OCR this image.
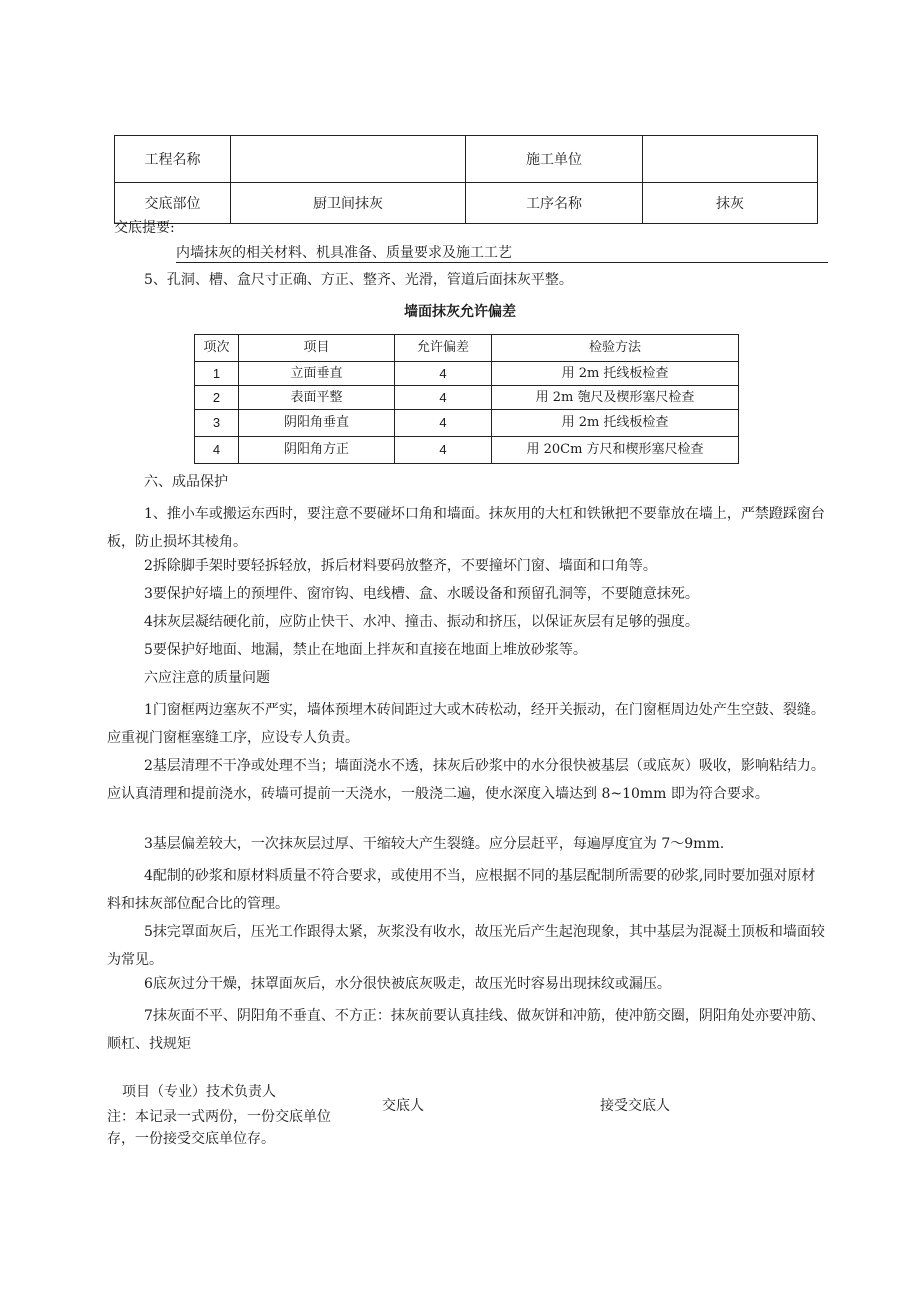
工程名称		施工单位	
交底部位	厨卫间抹灰	工序名称	抹灰
交底提要:
内墙抹灰的相关材料、机具准备、质量要求及施工工艺
5、孔洞、槽、盒尺寸正确、方正、整齐、光滑，管道后面抹灰平整。
墙面抹灰允许偏差
项次	项目	允许偏差	检验方法
1	立面垂直	4	用 2m 托线板检查
2	表面平整	4	用 2m 匏尺及楔形塞尺检查
3	阴阳角垂直	4	用 2m 托线板检查
4	阴阳角方正	4	用 20Cm 方尺和楔形塞尺检查
六、成品保护
1、推小车或搬运东西时，要注意不要碰坏口角和墙面。抹灰用的大杠和铁锹把不要靠放在墙上，严禁蹬踩窗台板，防止损坏其棱角。
2拆除脚手架时要轻拆轻放，拆后材料要码放整齐，不要撞坏门窗、墙面和口角等。
3要保护好墙上的预埋件、窗帘钩、电线槽、盒、水暖设备和预留孔洞等，不要随意抹死。
4抹灰层凝结硬化前，应防止快干、水冲、撞击、振动和挤压，以保证灰层有足够的强度。
5要保护好地面、地漏，禁止在地面上拌灰和直接在地面上堆放砂浆等。
六应注意的质量问题
1门窗框两边塞灰不严实，墙体预埋木砖间距过大或木砖松动，经开关振动，在门窗框周边处产生空鼓、裂缝。应重视门窗框塞缝工序，应设专人负责。
2基层清理不干净或处理不当；墙面浇水不透，抹灰后砂浆中的水分很快被基层（或底灰）吸收，影响粘结力。应认真清理和提前浇水，砖墙可提前一天浇水，一般浇二遍，使水深度入墙达到 8~10mm 即为符合要求。
3基层偏差较大，一次抹灰层过厚、干缩较大产生裂缝。应分层赶平，每遍厚度宜为 7～9mm.
4配制的砂浆和原材料质量不符合要求，或使用不当，应根据不同的基层配制所需要的砂浆,同时要加强对原材料和抹灰部位配合比的管理。
5抹完罩面灰后，压光工作跟得太紧，灰浆没有收水，故压光后产生起泡现象，其中基层为混凝土顶板和墙面较为常见。
6底灰过分干燥，抹罩面灰后，水分很快被底灰吸走，故压光时容易出现抹纹或漏压。
7抹灰面不平、阴阳角不垂直、不方正：抹灰前要认真挂线、做灰饼和冲筋，使冲筋交圈，阴阳角处亦要冲筋、顺杠、找规矩
项目（专业）技术负责人
注：本记录一式两份，一份交底单位存，一份接受交底单位存。
交底人	接受交底人
